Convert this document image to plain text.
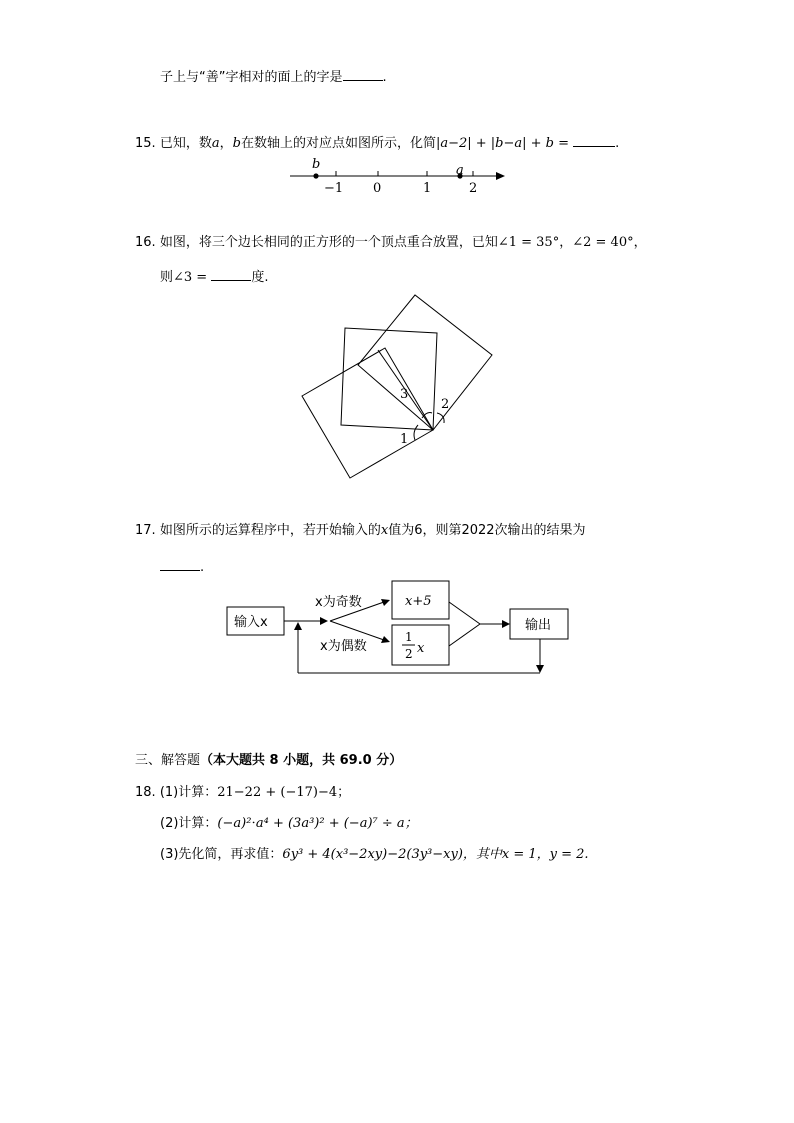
子上与“善”字相对的面上的字是	.
15. 已知，数a，b在数轴上的对应点如图所示，化简|a−2| + |b−a| + b =	.
b	a
−1 0	1	2
16. 如图，将三个边长相同的正方形的一个顶点重合放置，已知∠1 = 35°，∠2 = 40°，
则∠3 =	度.
1
2
3
17. 如图所示的运算程序中，若开始输入的x值为6，则第2022次输出的结果为
.
输入x
x为奇数
x为偶数
x+5
1
2 x
输出
三、解答题（本大题共 8 小题，共 69.0 分）
18. (1)计算：21−22 + (−17)−4；
(2)计算：(−a)²⋅a⁴ + (3a³)² + (−a)⁷ ÷ a；
(3)先化简，再求值：6y³ + 4(x³−2xy)−2(3y³−xy)，其中x = 1，y = 2.
